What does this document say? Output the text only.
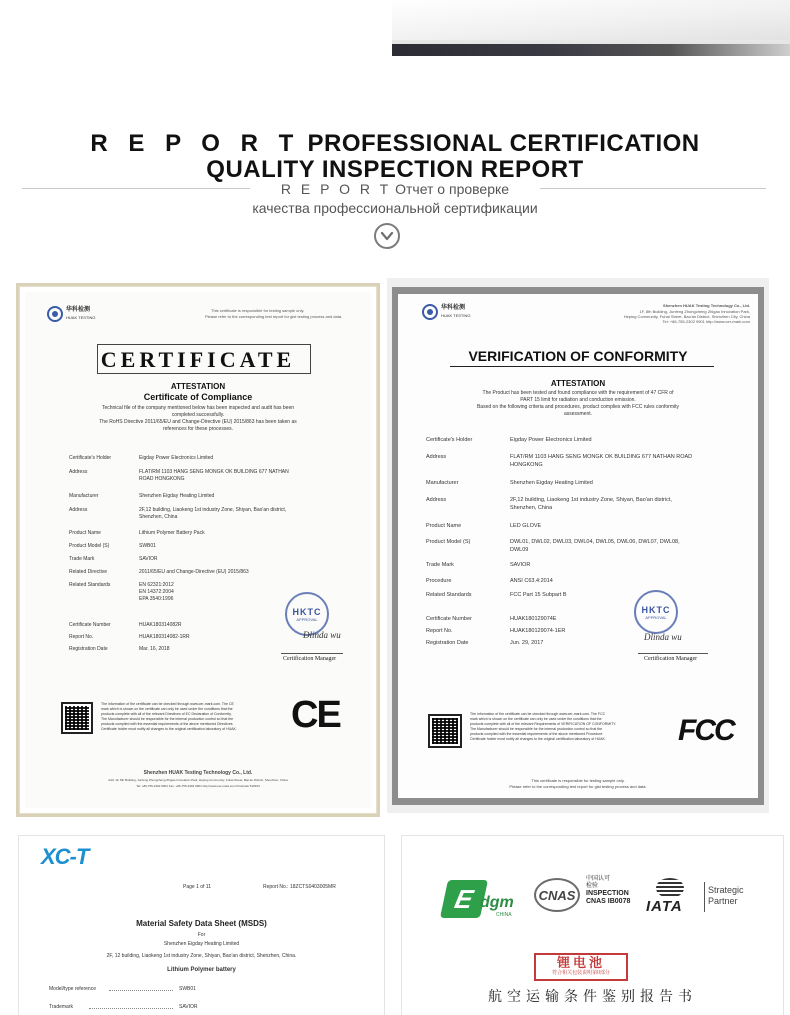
R E P O R T PROFESSIONAL CERTIFICATION
QUALITY INSPECTION REPORT
R E P O R T Отчет о проверке
качества профессиональной сертификации
华科检测
HUAK TESTING
This certificate is responsible for testing sample only.
Please refer to the corresponding test report for gist testing process and data.
CERTIFICATE
ATTESTATION
Certificate of Compliance
Technical file of the company mentioned below has been inspected and audit has been
completed successfully.
The RoHS Directive 2011/65/EU and Change-Directive (EU) 2015/863 has been taken as
references for these processes.
Certificate's Holder	Eigday Power Electronics Limited
Address	FLAT/RM 1103 HANG SENG MONGK OK BUILDING 677 NATHAN
ROAD HONGKONG
Manufacturer	Shenzhen Eigday Heating Limited
Address	2F,12 building, Liaokeng 1st industry Zone, Shiyan, Bao'an district,
Shenzhen, China
Product Name	Lithium Polymer Battery Pack
Product Model (S)	SWB01
Trade Mark	SAVIOR
Related Directive	2011/65/EU and Change-Directive (EU) 2015/863
Related Standards	EN 62321:2012
EN 14372:2004
EPA 3540:1996
Certificate Number	HUAK180314082R
Report No.	HUAK180314082-1RR
Registration Date	Mar. 16, 2018
HKTC
APPROVAL
Dlinda wu
Certification Manager
The information of the certificate can be checked through www.cer-mark.com. The CE
mark which is shown on the certificate can only be used under the conditions that the
products complete with all of the relevant Directives of EC Declaration of Conformity.
The Manufacturer should be responsible for the internal production control so that the
products complied with the essential requirements of the above mentioned Directives.
Certificate holder must notify all changes to the original certification laboratory of HUAK.	CE
Shenzhen HUAK Testing Technology Co., Ltd.
Add: 1F, 8th Building, Junfeng Zhongcheng Zhigao Innovation Park, Heping Community, Fuhai Street, Bao'an District, Shenzhen, China
Tel: +86-755-2302 9901 Fax: +86-755-2302 9901 http://www.cer-mark.com Postcode 518103
华科检测
HUAK TESTING
Shenzhen HUAK Testing Technology Co., Ltd.
1F, 8th Building, Junfeng Zhongcheng Zhigao Innovation Park,
Heping Community, Fuhai Street, Bao'an District, Shenzhen City, China
Tel: +86-755-2302 9901 http://www.cer-mark.com
VERIFICATION OF CONFORMITY
ATTESTATION
The Product has been tested and found compliance with the requirement of 47 CFR of
PART 15 limit for radiation and conduction emission.
Based on the following criteria and procedures, product complies with FCC rules conformity
assessment.
Certificate's Holder	Eigday Power Electronics Limited
Address	FLAT/RM 1103 HANG SENG MONGK OK BUILDING 677 NATHAN ROAD
HONGKONG
Manufacturer	Shenzhen Eigday Heating Limited
Address	2F,12 building, Liaokeng 1st industry Zone, Shiyan, Bao'an district,
Shenzhen, China
Product Name	LED GLOVE
Product Model (S)	DWL01, DWL02, DWL03, DWL04, DWL05, DWL06, DWL07, DWL08,
DWL09
Trade Mark	SAVIOR
Procedure	ANSI C63.4:2014
Related Standards	FCC Part 15 Subpart B
Certificate Number	HUAK180129074E
Report No.	HUAK180129074-1ER
Registration Date	Jun. 29, 2017
HKTC
APPROVAL
Dlinda wu
Certification Manager
The information of the certificate can be checked through www.cer-mark.com. The FCC
mark which is shown on the certificate can only be used under the conditions that the
products complete with all of the relevant Requirements of VERIFICATION OF CONFORMITY.
The Manufacturer should be responsible for the internal production control so that the
products complied with the essential requirements of the above mentioned Procedure.
Certificate holder must notify all changes to the original certification laboratory of HUAK.	FCC
This certificate is responsible for testing sample only.
Please refer to the corresponding test report for gist testing process and data.
XC-T
Page 1 of 11	Report No.: 18ZCTS0403005MR
Material Safety Data Sheet (MSDS)
For
Shenzhen Eigday Heating Limited
2F, 12 building, Liaokeng 1st industry Zone, Shiyan, Bao'an district, Shenzhen, China.
Lithium Polymer battery
Model/type reference	SWB01
Trademark	SAVIOR
E dgm
CHINA
CNAS
中国认可
检验
INSPECTION
CNAS IB0078 IATA
Strategic
Partner
锂电池
符合相关包装说明第II部分
航空运输条件鉴别报告书
